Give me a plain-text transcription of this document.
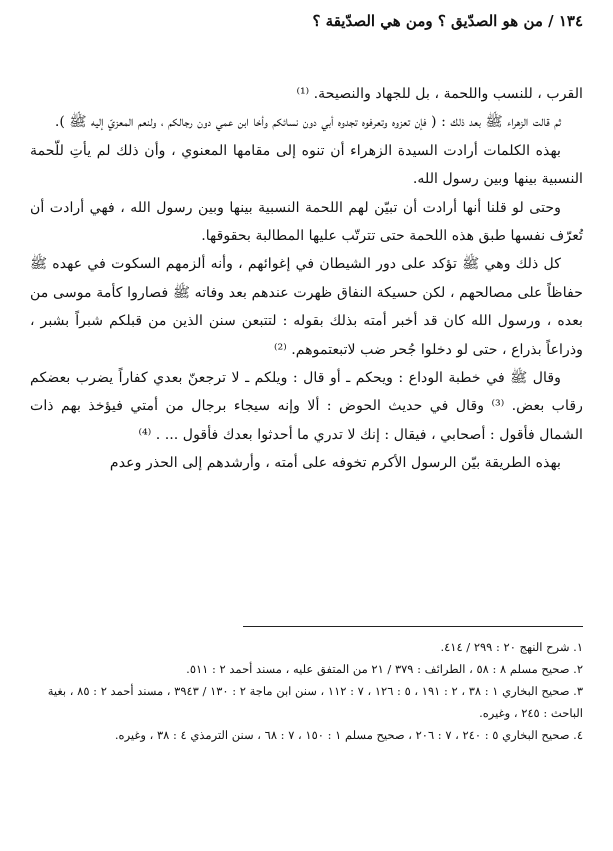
١٣٤ / من هو الصدّيق ؟ ومن هي الصدّيقة ؟

القرب ، للنسب واللحمة ، بل للجهاد والنصيحة. ⁽¹⁾

ثم قالت الزهراء ﷺ بعد ذلك : ( فإن تعزوه وتعرفوه تجدوه أبي دون نسائكم وأخا ابن عمي دون رجالكم ، ولنعم المعزيّ إليه ﷺ ).

بهذه الكلمات أرادت السيدة الزهراء أن تنوه إلى مقامها المعنوي ، وأن ذلك لم يأتِ للّحمة النسبية بينها وبين رسول الله.

وحتى لو قلنا أنها أرادت أن تبيّن لهم اللحمة النسبية بينها وبين رسول الله ، فهي أرادت أن تُعرّف نفسها طبق هذه اللحمة حتى تترتّب عليها المطالبة بحقوقها.

كل ذلك وهي ﷺ تؤكد على دور الشيطان في إغوائهم ، وأنه ألزمهم السكوت في عهده ﷺ حفاظاً على مصالحهم ، لكن حسيكة النفاق ظهرت عندهم بعد وفاته ﷺ فصاروا كأمة موسى من بعده ، ورسول الله كان قد أخبر أمته بذلك بقوله : لتتبعن سنن الذين من قبلكم شبراً بشبر ، وذراعاً بذراع ، حتى لو دخلوا جُحر ضب لاتبعتموهم. ⁽²⁾

وقال ﷺ في خطبة الوداع : ويحكم ـ أو قال : ويلكم ـ لا ترجعنّ بعدي كفاراً يضرب بعضكم رقاب بعض. ⁽³⁾ وقال في حديث الحوض : ألا وإنه سيجاء برجال من أمتي فيؤخذ بهم ذات الشمال فأقول : أصحابي ، فيقال : إنك لا تدري ما أحدثوا بعدك فأقول ... . ⁽⁴⁾

بهذه الطريقة بيّن الرسول الأكرم تخوفه على أمته ، وأرشدهم إلى الحذر وعدم

١. شرح النهج ٢٠ : ٢٩٩ / ٤١٤.

٢. صحيح مسلم ٨ : ٥٨ ، الطرائف : ٣٧٩ / ٢١ من المتفق عليه ، مسند أحمد ٢ : ٥١١.

٣. صحيح البخاري ١ : ٣٨ ، ٢ : ١٩١ ، ٥ : ١٢٦ ، ٧ : ١١٢ ، سنن ابن ماجة ٢ : ١٣٠ / ٣٩٤٣ ، مسند أحمد ٢ : ٨٥ ، بغية الباحث : ٢٤٥ ، وغيره.

٤. صحيح البخاري ٥ : ٢٤٠ ، ٧ : ٢٠٦ ، صحيح مسلم ١ : ١٥٠ ، ٧ : ٦٨ ، سنن الترمذي ٤ : ٣٨ ، وغيره.
